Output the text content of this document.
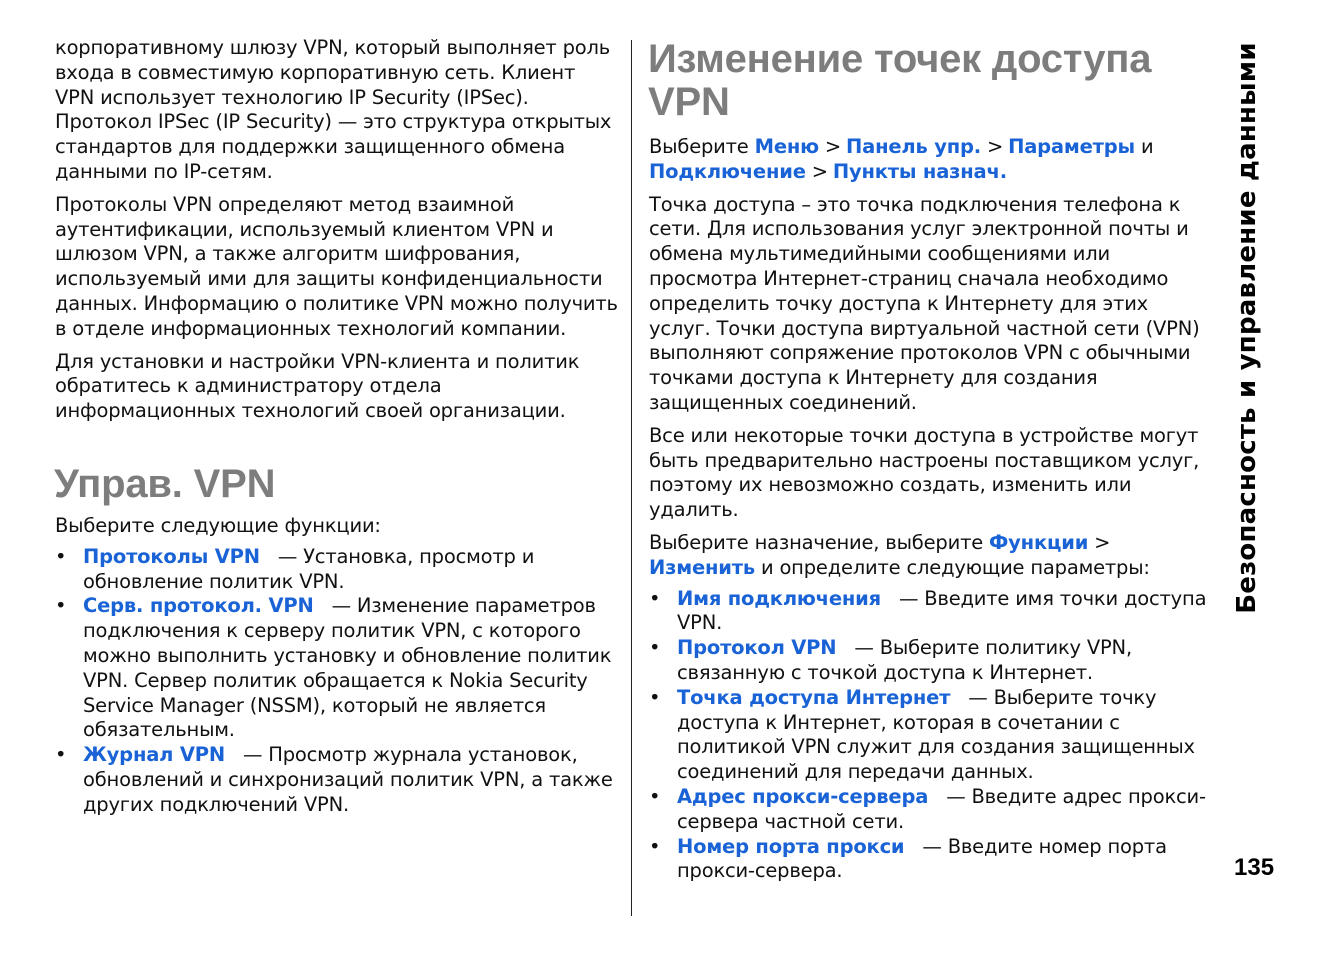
корпоративному шлюзу VPN, который выполняет роль входа в совместимую корпоративную сеть. Клиент VPN использует технологию IP Security (IPSec). Протокол IPSec (IP Security) — это структура открытых стандартов для поддержки защищенного обмена данными по IP-сетям.

Протоколы VPN определяют метод взаимной аутентификации, используемый клиентом VPN и шлюзом VPN, а также алгоритм шифрования, используемый ими для защиты конфиденциальности данных. Информацию о политике VPN можно получить в отделе информационных технологий компании.

Для установки и настройки VPN-клиента и политик обратитесь к администратору отдела информационных технологий своей организации.

Управ. VPN

Выберите следующие функции:

• Протоколы VPN — Установка, просмотр и обновление политик VPN.
• Серв. протокол. VPN — Изменение параметров подключения к серверу политик VPN, с которого можно выполнить установку и обновление политик VPN. Сервер политик обращается к Nokia Security Service Manager (NSSM), который не является обязательным.
• Журнал VPN — Просмотр журнала установок, обновлений и синхронизаций политик VPN, а также других подключений VPN.
Изменение точек доступа VPN

Выберите Меню > Панель упр. > Параметры и Подключение > Пункты назнач.

Точка доступа – это точка подключения телефона к сети. Для использования услуг электронной почты и обмена мультимедийными сообщениями или просмотра Интернет-страниц сначала необходимо определить точку доступа к Интернету для этих услуг. Точки доступа виртуальной частной сети (VPN) выполняют сопряжение протоколов VPN с обычными точками доступа к Интернету для создания защищенных соединений.

Все или некоторые точки доступа в устройстве могут быть предварительно настроены поставщиком услуг, поэтому их невозможно создать, изменить или удалить.

Выберите назначение, выберите Функции >Изменить и определите следующие параметры:

• Имя подключения — Введите имя точки доступа VPN.
• Протокол VPN — Выберите политику VPN, связанную с точкой доступа к Интернет.
• Точка доступа Интернет — Выберите точку доступа к Интернет, которая в сочетании с политикой VPN служит для создания защищенных соединений для передачи данных.
• Адрес прокси-сервера — Введите адрес прокси-сервера частной сети.
• Номер порта прокси — Введите номер порта прокси-сервера.
Безопасность и управление данными
135
